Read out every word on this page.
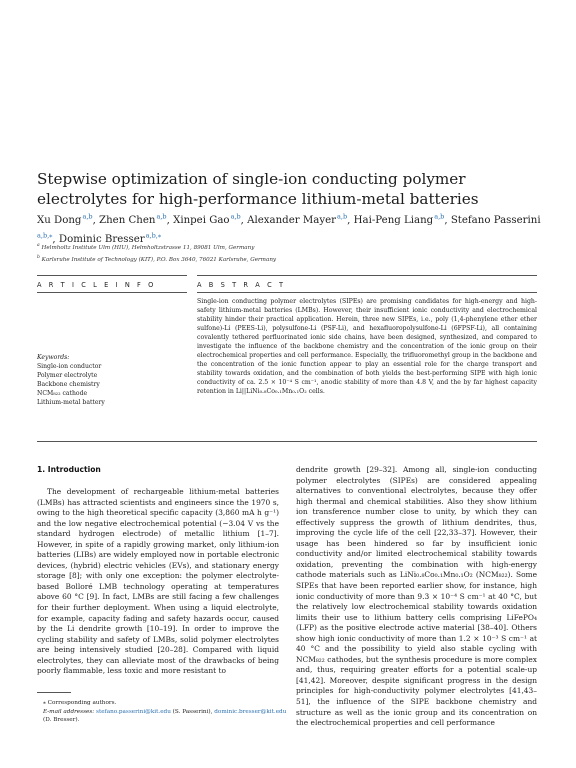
Stepwise optimization of single-ion conducting polymer electrolytes for high-performance lithium-metal batteries
Xu Dong $^{a,b}$, Zhen Chen $^{a,b}$, Xinpei Gao $^{a,b}$, Alexander Mayer $^{a,b}$, Hai-Peng Liang $^{a,b}$, Stefano Passerini $^{a,b,⁎}$, Dominic Bresser $^{a,b,⁎}$
$^a$ Helmholtz Institute Ulm (HIU), Helmholtzstrasse 11, 89081 Ulm, Germany
$^b$ Karlsruhe Institute of Technology (KIT), P.O. Box 3640, 76021 Karlsruhe, Germany
A R T I C L E I N F O	A B S T R A C T
Keywords:
Single-ion conductor
Polymer electrolyte
Backbone chemistry
NCM₈₂₂ cathode
Lithium-metal battery
Single-ion conducting polymer electrolytes (SIPEs) are promising candidates for high-energy and high-safety lithium-metal batteries (LMBs). However, their insufficient ionic conductivity and electrochemical stability hinder their practical application. Herein, three new SIPEs, i.e., poly (1,4-phenylene ether ether sulfone)-Li (PEES-Li), polysulfone-Li (PSF-Li), and hexafluoropolysulfone-Li (6FPSF-Li), all containing covalently tethered perfluorinated ionic side chains, have been designed, synthesized, and compared to investigate the influence of the backbone chemistry and the concentration of the ionic group on their electrochemical properties and cell performance. Especially, the trifluoromethyl group in the backbone and the concentration of the ionic function appear to play an essential role for the charge transport and stability towards oxidation, and the combination of both yields the best-performing SIPE with high ionic conductivity of ca. 2.5 × 10⁻⁴ S cm⁻¹, anodic stability of more than 4.8 V, and the by far highest capacity retention in Li||LiNi₀.₈Co₀.₁Mn₀.₁O₂ cells.
1. Introduction

The development of rechargeable lithium-metal batteries (LMBs) has attracted scientists and engineers since the 1970 s, owing to the high theoretical specific capacity (3,860 mA h g⁻¹) and the low negative electrochemical potential (−3.04 V vs the standard hydrogen electrode) of metallic lithium [1–7]. However, in spite of a rapidly growing market, only lithium-ion batteries (LIBs) are widely employed now in portable electronic devices, (hybrid) electric vehicles (EVs), and stationary energy storage [8]; with only one exception: the polymer electrolyte-based Bolloré LMB technology operating at temperatures above 60 °C [9]. In fact, LMBs are still facing a few challenges for their further deployment. When using a liquid electrolyte, for example, capacity fading and safety hazards occur, caused by the Li dendrite growth [10–19]. In order to improve the cycling stability and safety of LMBs, solid polymer electrolytes are being intensively studied [20–28]. Compared with liquid electrolytes, they can alleviate most of the drawbacks of being poorly flammable, less toxic and more resistant to

dendrite growth [29–32]. Among all, single-ion conducting polymer electrolytes (SIPEs) are considered appealing alternatives to conventional electrolytes, because they offer high thermal and chemical stabilities. Also they show lithium ion transference number close to unity, by which they can effectively suppress the growth of lithium dendrites, thus, improving the cycle life of the cell [22,33–37]. However, their usage has been hindered so far by insufficient ionic conductivity and/or limited electrochemical stability towards oxidation, preventing the combination with high-energy cathode materials such as LiNi₀.₈Co₀.₁Mn₀.₁O₂ (NCM₈₂₂). Some SIPEs that have been reported earlier show, for instance, high ionic conductivity of more than 9.3 × 10⁻⁴ S cm⁻¹ at 40 °C, but the relatively low electrochemical stability towards oxidation limits their use to lithium battery cells comprising LiFePO₄ (LFP) as the positive electrode active material [38–40]. Others show high ionic conductivity of more than 1.2 × 10⁻³ S cm⁻¹ at 40 °C and the possibility to yield also stable cycling with NCM₈₂₂ cathodes, but the synthesis procedure is more complex and, thus, requiring greater efforts for a potential scale-up [41,42]. Moreover, despite significant progress in the design principles for high-conductivity polymer electrolytes [41,43–51], the influence of the SIPE backbone chemistry and structure as well as the ionic group and its concentration on the electrochemical properties and cell performance

⁎ Corresponding authors.
E-mail addresses: stefano.passerini@kit.edu (S. Passerini), dominic.bresser@kit.edu (D. Bresser).
